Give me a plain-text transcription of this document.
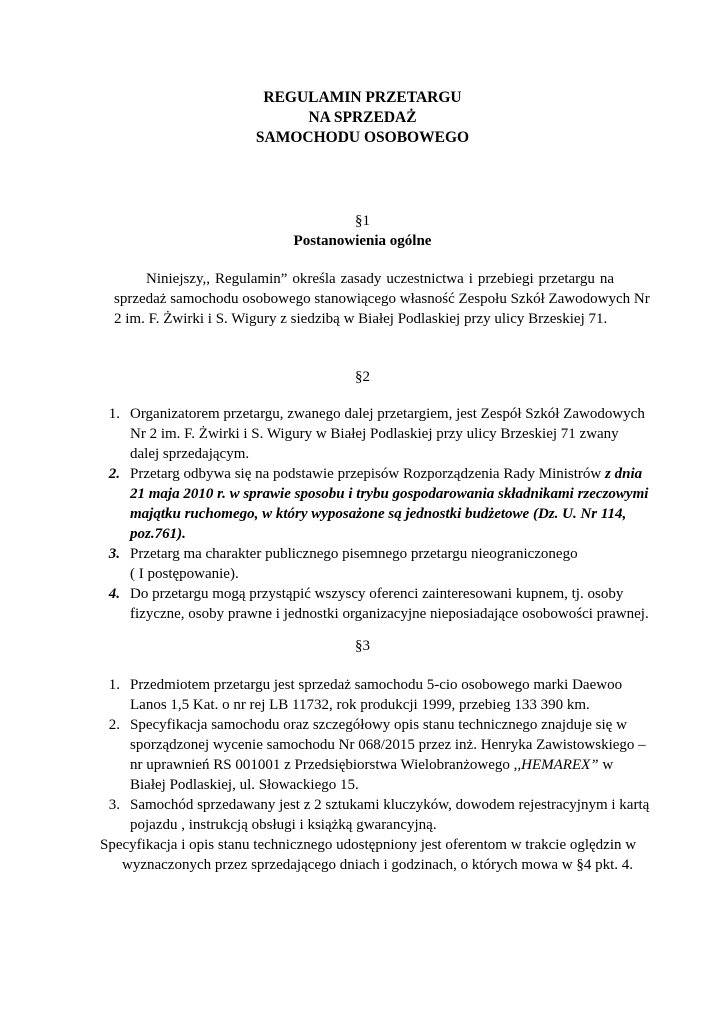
REGULAMIN PRZETARGU
NA SPRZEDAŻ
SAMOCHODU OSOBOWEGO
§1
Postanowienia ogólne
Niniejszy,, Regulamin” określa zasady uczestnictwa i przebiegi przetargu na
sprzedaż samochodu osobowego stanowiącego własność Zespołu Szkół Zawodowych Nr
2 im. F. Żwirki i S. Wigury z siedzibą w Białej Podlaskiej przy ulicy Brzeskiej 71.
§2
1. Organizatorem przetargu, zwanego dalej przetargiem, jest Zespół Szkół Zawodowych
Nr 2 im. F. Żwirki i S. Wigury w Białej Podlaskiej przy ulicy Brzeskiej 71 zwany
dalej sprzedającym.
2. Przetarg odbywa się na podstawie przepisów Rozporządzenia Rady Ministrów z dnia
21 maja 2010 r. w sprawie sposobu i trybu gospodarowania składnikami rzeczowymi
majątku ruchomego, w który wyposażone są jednostki budżetowe (Dz. U. Nr 114,
poz.761).
3. Przetarg ma charakter publicznego pisemnego przetargu nieograniczonego
( I postępowanie).
4. Do przetargu mogą przystąpić wszyscy oferenci zainteresowani kupnem, tj. osoby
fizyczne, osoby prawne i jednostki organizacyjne nieposiadające osobowości prawnej.
§3
1. Przedmiotem przetargu jest sprzedaż samochodu 5-cio osobowego marki Daewoo
Lanos 1,5 Kat. o nr rej LB 11732, rok produkcji 1999, przebieg 133 390 km.
2. Specyfikacja samochodu oraz szczegółowy opis stanu technicznego znajduje się w
sporządzonej wycenie samochodu Nr 068/2015 przez inż. Henryka Zawistowskiego –
nr uprawnień RS 001001 z Przedsiębiorstwa Wielobranżowego ,,HEMAREX” w
Białej Podlaskiej, ul. Słowackiego 15.
3. Samochód sprzedawany jest z 2 sztukami kluczyków, dowodem rejestracyjnym i kartą
pojazdu , instrukcją obsługi i książką gwarancyjną.
Specyfikacja i opis stanu technicznego udostępniony jest oferentom w trakcie oględzin w
wyznaczonych przez sprzedającego dniach i godzinach, o których mowa w §4 pkt. 4.
